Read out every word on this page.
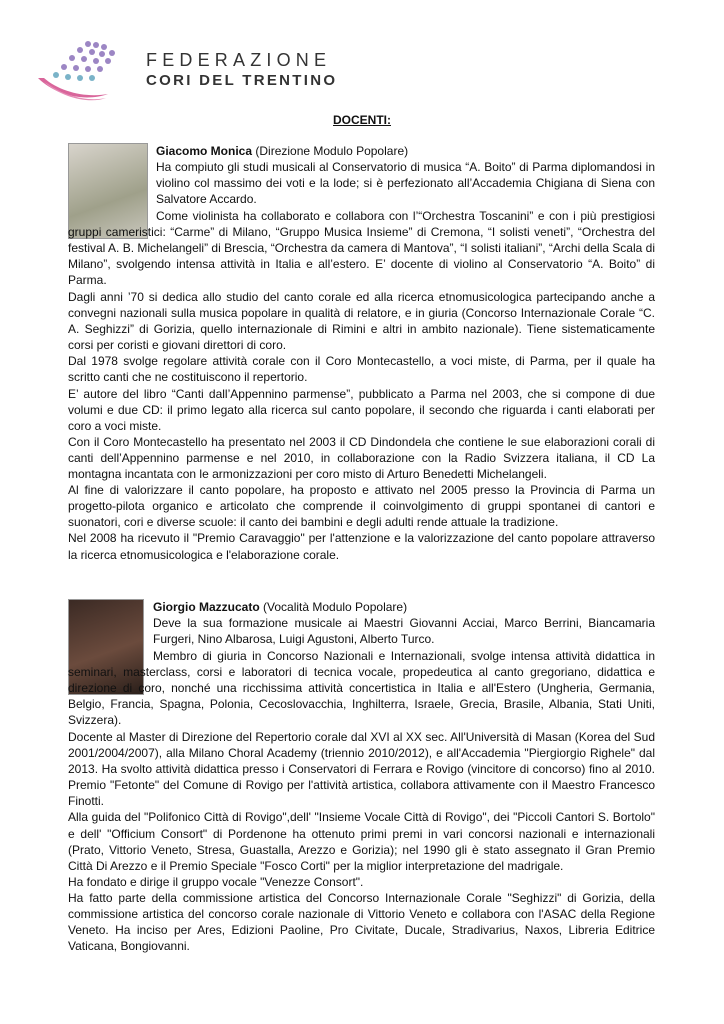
FEDERAZIONE
CORI DEL TRENTINO
DOCENTI:

Giacomo Monica (Direzione Modulo Popolare)

Ha compiuto gli studi musicali al Conservatorio di musica “A. Boito” di Parma diplomandosi in violino col massimo dei voti e la lode; si è perfezionato all’Accademia Chigiana di Siena con Salvatore Accardo.

Come violinista ha collaborato e collabora con l’“Orchestra Toscanini” e con i più prestigiosi gruppi cameristici: “Carme” di Milano, “Gruppo Musica Insieme” di Cremona, “I solisti veneti”, “Orchestra del festival A. B. Michelangeli” di Brescia, “Orchestra da camera di Mantova”, “I solisti italiani”, “Archi della Scala di Milano”, svolgendo intensa attività in Italia e all’estero. E’ docente di violino al Conservatorio “A. Boito” di Parma.

Dagli anni ’70 si dedica allo studio del canto corale ed alla ricerca etnomusicologica partecipando anche a convegni nazionali sulla musica popolare in qualità di relatore, e in giuria (Concorso Internazionale Corale “C. A. Seghizzi” di Gorizia, quello internazionale di Rimini e altri in ambito nazionale). Tiene sistematicamente corsi per coristi e giovani direttori di coro.

Dal 1978 svolge regolare attività corale con il Coro Montecastello, a voci miste, di Parma, per il quale ha scritto canti che ne costituiscono il repertorio.

E’ autore del libro “Canti dall’Appennino parmense”, pubblicato a Parma nel 2003, che si compone di due volumi e due CD: il primo legato alla ricerca sul canto popolare, il secondo che riguarda i canti elaborati per coro a voci miste.

Con il Coro Montecastello ha presentato nel 2003 il CD Dindondela che contiene le sue elaborazioni corali di canti dell’Appennino parmense e nel 2010, in collaborazione con la Radio Svizzera italiana, il CD La montagna incantata con le armonizzazioni per coro misto di Arturo Benedetti Michelangeli.

Al fine di valorizzare il canto popolare, ha proposto e attivato nel 2005 presso la Provincia di Parma un progetto-pilota organico e articolato che comprende il coinvolgimento di gruppi spontanei di cantori e suonatori, cori e diverse scuole: il canto dei bambini e degli adulti rende attuale la tradizione.

Nel 2008 ha ricevuto il "Premio Caravaggio" per l'attenzione e la valorizzazione del canto popolare attraverso la ricerca etnomusicologica e l'elaborazione corale.

Giorgio Mazzucato (Vocalità Modulo Popolare)

Deve la sua formazione musicale ai Maestri Giovanni Acciai, Marco Berrini, Biancamaria Furgeri, Nino Albarosa, Luigi Agustoni, Alberto Turco.

Membro di giuria in Concorso Nazionali e Internazionali, svolge intensa attività didattica in seminari, masterclass, corsi e laboratori di tecnica vocale, propedeutica al canto gregoriano, didattica e direzione di coro, nonché una ricchissima attività concertistica in Italia e all'Estero (Ungheria, Germania, Belgio, Francia, Spagna, Polonia, Cecoslovacchia, Inghilterra, Israele, Grecia, Brasile, Albania, Stati Uniti, Svizzera).

Docente al Master di Direzione del Repertorio corale dal XVI al XX sec. All'Università di Masan (Korea del Sud 2001/2004/2007), alla Milano Choral Academy (triennio 2010/2012), e all'Accademia "Piergiorgio Righele" dal 2013. Ha svolto attività didattica presso i Conservatori di Ferrara e Rovigo (vincitore di concorso) fino al 2010. Premio "Fetonte" del Comune di Rovigo per l'attività artistica, collabora attivamente con il Maestro Francesco Finotti.

Alla guida del "Polifonico Città di Rovigo",dell' "Insieme Vocale Città di Rovigo", dei "Piccoli Cantori S. Bortolo" e dell' "Officium Consort" di Pordenone ha ottenuto primi premi in vari concorsi nazionali e internazionali (Prato, Vittorio Veneto, Stresa, Guastalla, Arezzo e Gorizia); nel 1990 gli è stato assegnato il Gran Premio Città Di Arezzo e il Premio Speciale "Fosco Corti" per la miglior interpretazione del madrigale.

Ha fondato e dirige il gruppo vocale "Venezze Consort".

Ha fatto parte della commissione artistica del Concorso Internazionale Corale "Seghizzi" di Gorizia, della commissione artistica del concorso corale nazionale di Vittorio Veneto e collabora con l'ASAC della Regione Veneto. Ha inciso per Ares, Edizioni Paoline, Pro Civitate, Ducale, Stradivarius, Naxos, Libreria Editrice Vaticana, Bongiovanni.
